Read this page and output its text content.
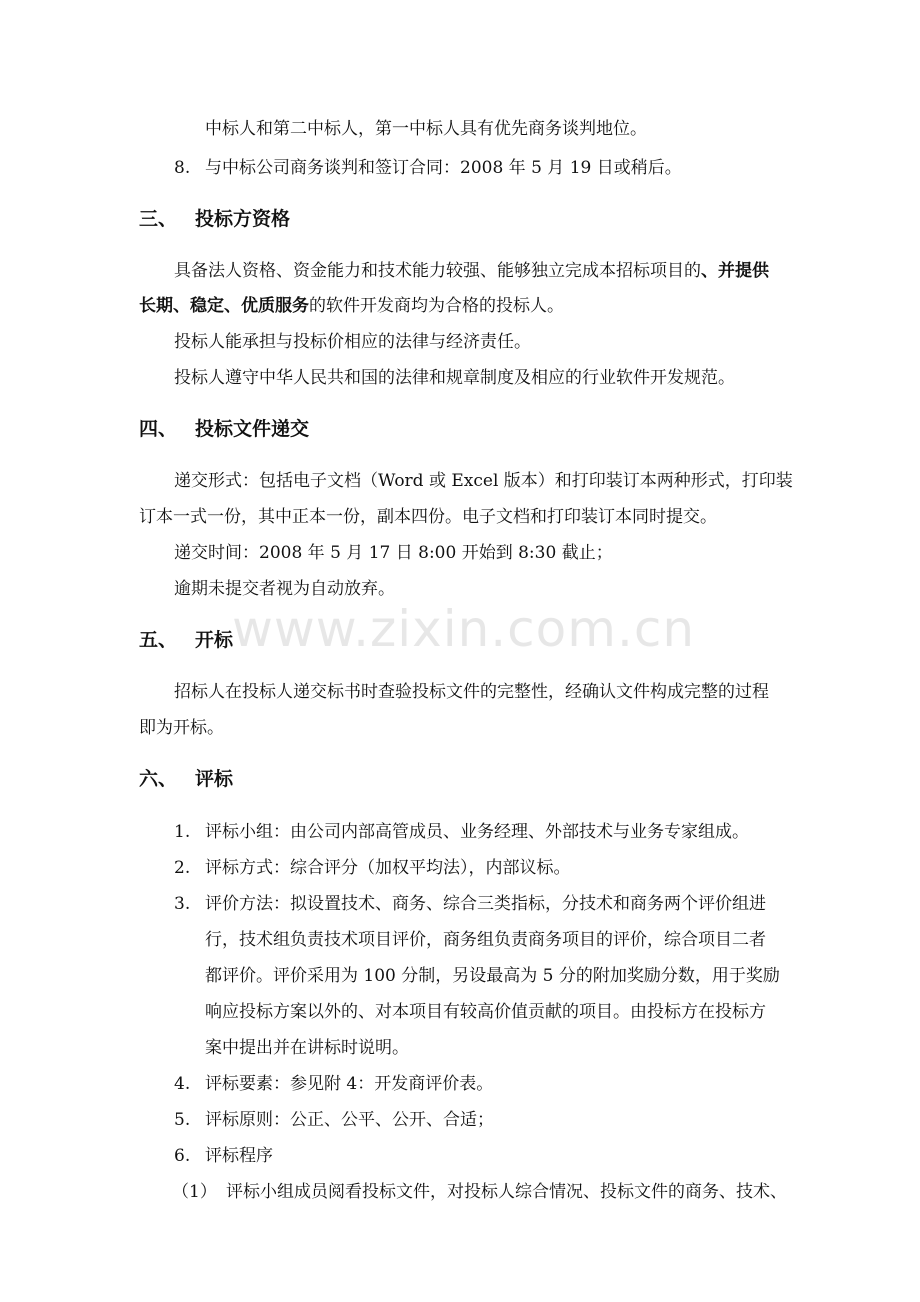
中标人和第二中标人，第一中标人具有优先商务谈判地位。
8. 与中标公司商务谈判和签订合同：2008 年 5 月 19 日或稍后。
三、 投标方资格
具备法人资格、资金能力和技术能力较强、能够独立完成本招标项目的、并提供
长期、稳定、优质服务的软件开发商均为合格的投标人。
投标人能承担与投标价相应的法律与经济责任。
投标人遵守中华人民共和国的法律和规章制度及相应的行业软件开发规范。
四、 投标文件递交
递交形式：包括电子文档（Word 或 Excel 版本）和打印装订本两种形式，打印装
订本一式一份，其中正本一份，副本四份。电子文档和打印装订本同时提交。
递交时间：2008 年 5 月 17 日 8:00 开始到 8:30 截止；
逾期未提交者视为自动放弃。
五、 开标
招标人在投标人递交标书时查验投标文件的完整性，经确认文件构成完整的过程
即为开标。
六、 评标
1. 评标小组：由公司内部高管成员、业务经理、外部技术与业务专家组成。
2. 评标方式：综合评分（加权平均法），内部议标。
3. 评价方法：拟设置技术、商务、综合三类指标，分技术和商务两个评价组进
行，技术组负责技术项目评价，商务组负责商务项目的评价，综合项目二者
都评价。评价采用为 100 分制，另设最高为 5 分的附加奖励分数，用于奖励
响应投标方案以外的、对本项目有较高价值贡献的项目。由投标方在投标方
案中提出并在讲标时说明。
4. 评标要素：参见附 4：开发商评价表。
5. 评标原则：公正、公平、公开、合适；
6. 评标程序
（1） 评标小组成员阅看投标文件，对投标人综合情况、投标文件的商务、技术、
www.zixin.com.cn
